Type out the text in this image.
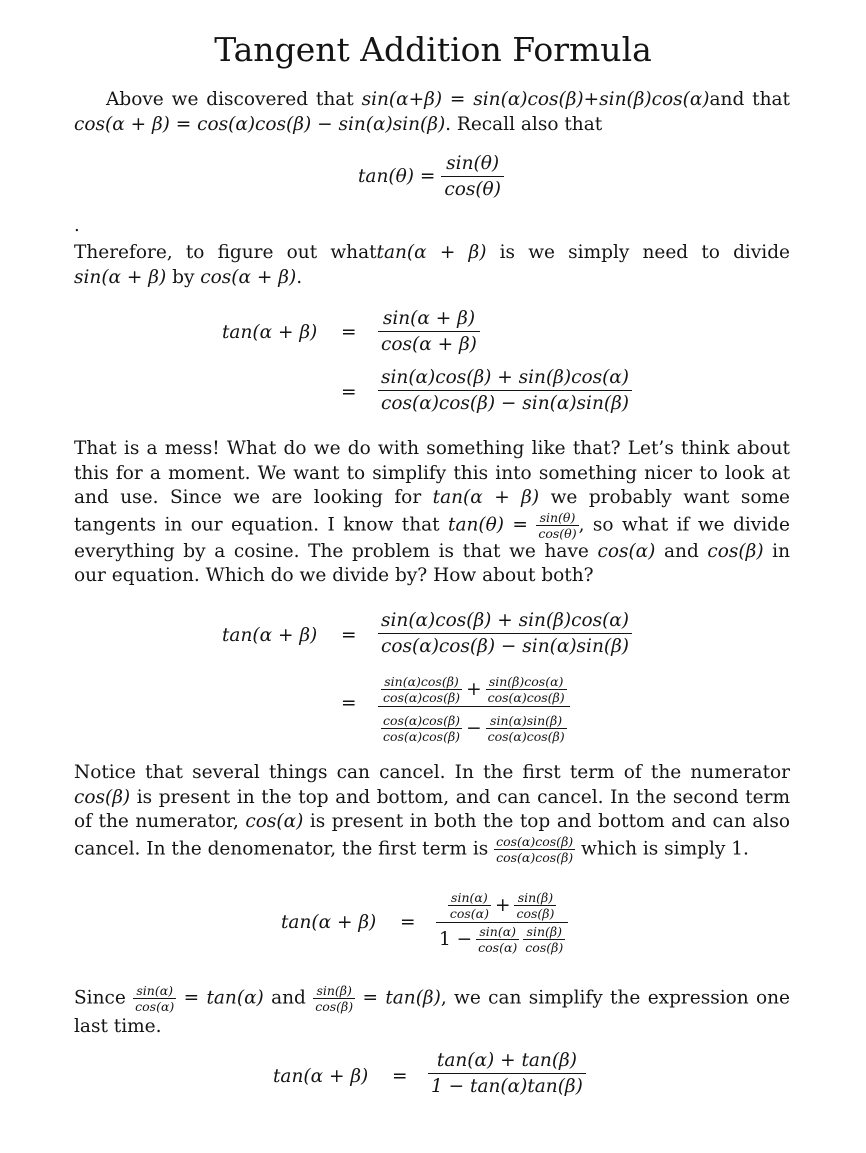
Tangent Addition Formula
Above we discovered that sin(α+β) = sin(α)cos(β)+sin(β)cos(α)and that cos(α + β) = cos(α)cos(β) − sin(α)sin(β). Recall also that
$\tan(\theta) = \frac{\sin(\theta)}{\cos(\theta)}$
.
Therefore, to figure out whattan(α + β) is we simply need to divide sin(α + β) by cos(α + β).
$\tan(\alpha + \beta) = \frac{\sin(\alpha + \beta)}{\cos(\alpha + \beta)}$
= $\frac{\sin(\alpha)\cos(\beta) + \sin(\beta)\cos(\alpha)}{\cos(\alpha)\cos(\beta) - \sin(\alpha)\sin(\beta)}$
That is a mess! What do we do with something like that? Let’s think about this for a moment. We want to simplify this into something nicer to look at and use. Since we are looking for tan(α + β) we probably want some tangents in our equation. I know that $\tan(\theta) = \frac{\sin(\theta)}{\cos(\theta)}$ , so what if we divide everything by a cosine. The problem is that we have cos(α) and cos(β) in our equation. Which do we divide by? How about both?
$\tan(\alpha + \beta) = \frac{\sin(\alpha)\cos(\beta) + \sin(\beta)\cos(\alpha)}{\cos(\alpha)\cos(\beta) - \sin(\alpha)\sin(\beta)}$
= $\frac{\sin(\alpha)\cos(\beta)}{\cos(\alpha)\cos(\beta)} + \frac{\sin(\beta)\cos(\alpha)}{\cos(\alpha)\cos(\beta)}$
$\frac{\cos(\alpha)\cos(\beta)}{\cos(\alpha)\cos(\beta)} - \frac{\sin(\alpha)\sin(\beta)}{\cos(\alpha)\cos(\beta)}$
Notice that several things can cancel. In the first term of the numerator cos(β) is present in the top and bottom, and can cancel. In the second term of the numerator, cos(α) is present in both the top and bottom and can also cancel. In the denomenator, the first term is $\frac{\cos(\alpha)\cos(\beta)}{\cos(\alpha)\cos(\beta)}$ which is simply 1.
$\tan(\alpha + \beta) = \frac{\frac{\sin(\alpha)}{\cos(\alpha)} + \frac{\sin(\beta)}{\cos(\beta)}}{1 - \frac{\sin(\alpha)}{\cos(\alpha)} \frac{\sin(\beta)}{\cos(\beta)}}$
Since $\frac{\sin(\alpha)}{\cos(\alpha)} = \tan(\alpha)$ and $\frac{\sin(\beta)}{\cos(\beta)} = \tan(\beta)$, we can simplify the expression one last time.
$\tan(\alpha + \beta) = \frac{\tan(\alpha) + \tan(\beta)}{1 - \tan(\alpha)\tan(\beta)}$
